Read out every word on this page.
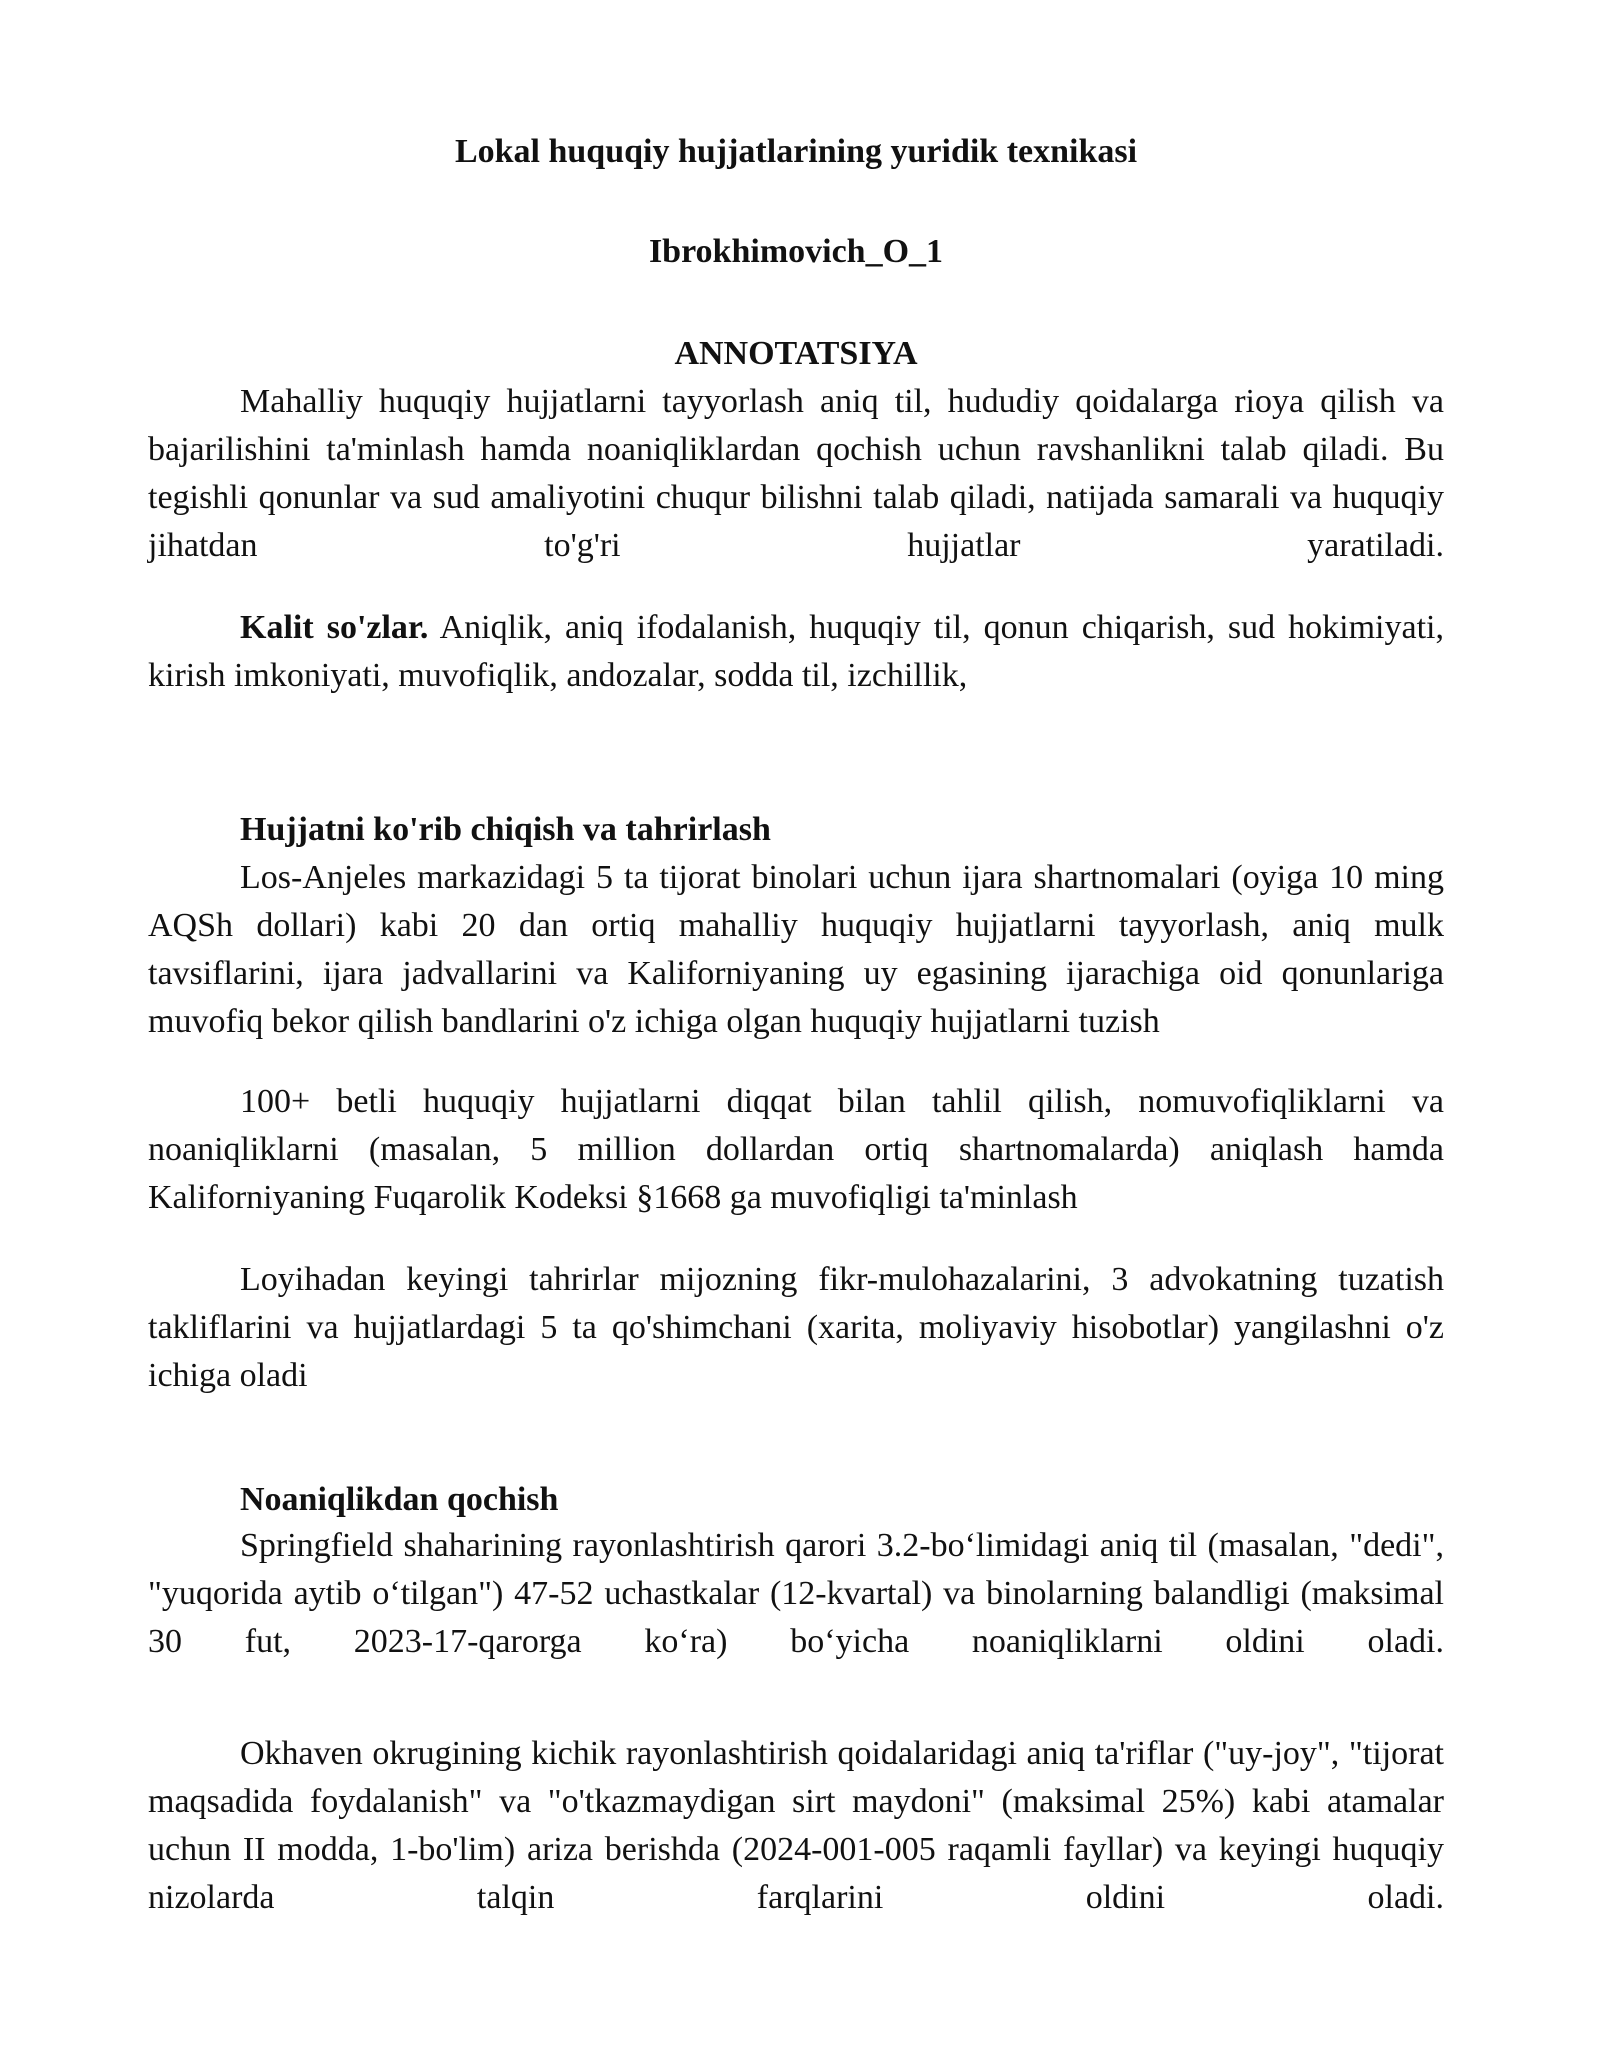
Lokal huquqiy hujjatlarining yuridik texnikasi
Ibrokhimovich_O_1
ANNOTATSIYA

Mahalliy huquqiy hujjatlarni tayyorlash aniq til, hududiy qoidalarga rioya qilish va bajarilishini ta'minlash hamda noaniqliklardan qochish uchun ravshanlikni talab qiladi. Bu tegishli qonunlar va sud amaliyotini chuqur bilishni talab qiladi, natijada samarali va huquqiy jihatdan to'g'ri hujjatlar yaratiladi.

Kalit so'zlar. Aniqlik, aniq ifodalanish, huquqiy til, qonun chiqarish, sud hokimiyati, kirish imkoniyati, muvofiqlik, andozalar, sodda til, izchillik,

Hujjatni ko'rib chiqish va tahrirlash

Los-Anjeles markazidagi 5 ta tijorat binolari uchun ijara shartnomalari (oyiga 10 ming AQSh dollari) kabi 20 dan ortiq mahalliy huquqiy hujjatlarni tayyorlash, aniq mulk tavsiflarini, ijara jadvallarini va Kaliforniyaning uy egasining ijarachiga oid qonunlariga muvofiq bekor qilish bandlarini o'z ichiga olgan huquqiy hujjatlarni tuzish

100+ betli huquqiy hujjatlarni diqqat bilan tahlil qilish, nomuvofiqliklarni va noaniqliklarni (masalan, 5 million dollardan ortiq shartnomalarda) aniqlash hamda Kaliforniyaning Fuqarolik Kodeksi §1668 ga muvofiqligi ta'minlash

Loyihadan keyingi tahrirlar mijozning fikr-mulohazalarini, 3 advokatning tuzatish takliflarini va hujjatlardagi 5 ta qo'shimchani (xarita, moliyaviy hisobotlar) yangilashni o'z ichiga oladi

Noaniqlikdan qochish

Springfield shaharining rayonlashtirish qarori 3.2-bo‘limidagi aniq til (masalan, "dedi", "yuqorida aytib o‘tilgan") 47-52 uchastkalar (12-kvartal) va binolarning balandligi (maksimal 30 fut, 2023-17-qarorga ko‘ra) bo‘yicha noaniqliklarni oldini oladi.

Okhaven okrugining kichik rayonlashtirish qoidalaridagi aniq ta'riflar ("uy-joy", "tijorat maqsadida foydalanish" va "o'tkazmaydigan sirt maydoni" (maksimal 25%) kabi atamalar uchun II modda, 1-bo'lim) ariza berishda (2024-001-005 raqamli fayllar) va keyingi huquqiy nizolarda talqin farqlarini oldini oladi.
